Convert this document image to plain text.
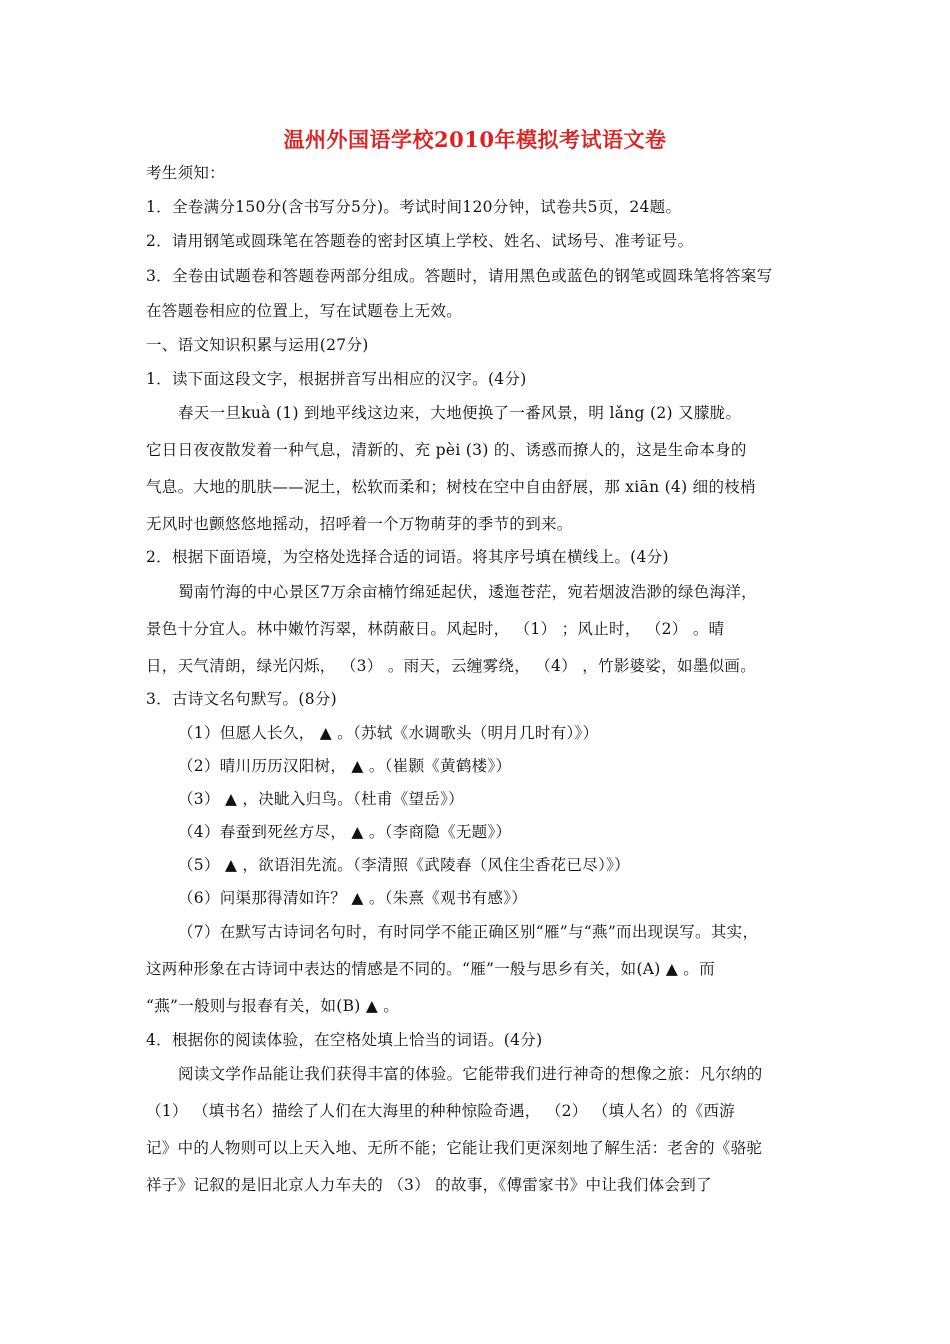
温州外国语学校2010年模拟考试语文卷
考生须知：
1．全卷满分150分(含书写分5分)。考试时间120分钟，试卷共5页，24题。
2．请用钢笔或圆珠笔在答题卷的密封区填上学校、姓名、试场号、准考证号。
3．全卷由试题卷和答题卷两部分组成。答题时，请用黑色或蓝色的钢笔或圆珠笔将答案写
在答题卷相应的位置上，写在试题卷上无效。
一、语文知识积累与运用(27分)
1．读下面这段文字，根据拼音写出相应的汉字。(4分)
春天一旦kuà (1) 到地平线这边来，大地便换了一番风景，明 lǎng (2) 又朦胧。
它日日夜夜散发着一种气息，清新的、充 pèi (3) 的、诱惑而撩人的，这是生命本身的
气息。大地的肌肤——泥土，松软而柔和；树枝在空中自由舒展，那 xiān (4) 细的枝梢
无风时也颤悠悠地摇动，招呼着一个万物萌芽的季节的到来。
2．根据下面语境，为空格处选择合适的词语。将其序号填在横线上。(4分)
蜀南竹海的中心景区7万余亩楠竹绵延起伏，逶迤苍茫，宛若烟波浩渺的绿色海洋，
景色十分宜人。林中嫩竹泻翠，林荫蔽日。风起时， （1） ；风止时， （2） 。晴
日，天气清朗，绿光闪烁， （3） 。雨天，云缠雾绕， （4） ，竹影婆娑，如墨似画。
3．古诗文名句默写。(8分)
（1）但愿人长久， ▲ 。（苏轼《水调歌头（明月几时有）》）
（2）晴川历历汉阳树， ▲ 。（崔颢《黄鹤楼》）
（3） ▲ ，决眦入归鸟。（杜甫《望岳》）
（4）春蚕到死丝方尽， ▲ 。（李商隐《无题》）
（5） ▲ ，欲语泪先流。（李清照《武陵春（风住尘香花已尽）》）
（6）问渠那得清如许？ ▲ 。（朱熹《观书有感》）
（7）在默写古诗词名句时，有时同学不能正确区别“雁”与“燕”而出现误写。其实，
这两种形象在古诗词中表达的情感是不同的。“雁”一般与思乡有关，如(A) ▲ 。而
“燕”一般则与报春有关，如(B) ▲ 。
4．根据你的阅读体验，在空格处填上恰当的词语。(4分)
阅读文学作品能让我们获得丰富的体验。它能带我们进行神奇的想像之旅：凡尔纳的
（1） （填书名）描绘了人们在大海里的种种惊险奇遇， （2） （填人名）的《西游
记》中的人物则可以上天入地、无所不能；它能让我们更深刻地了解生活：老舍的《骆驼
祥子》记叙的是旧北京人力车夫的 （3） 的故事，《傅雷家书》中让我们体会到了
